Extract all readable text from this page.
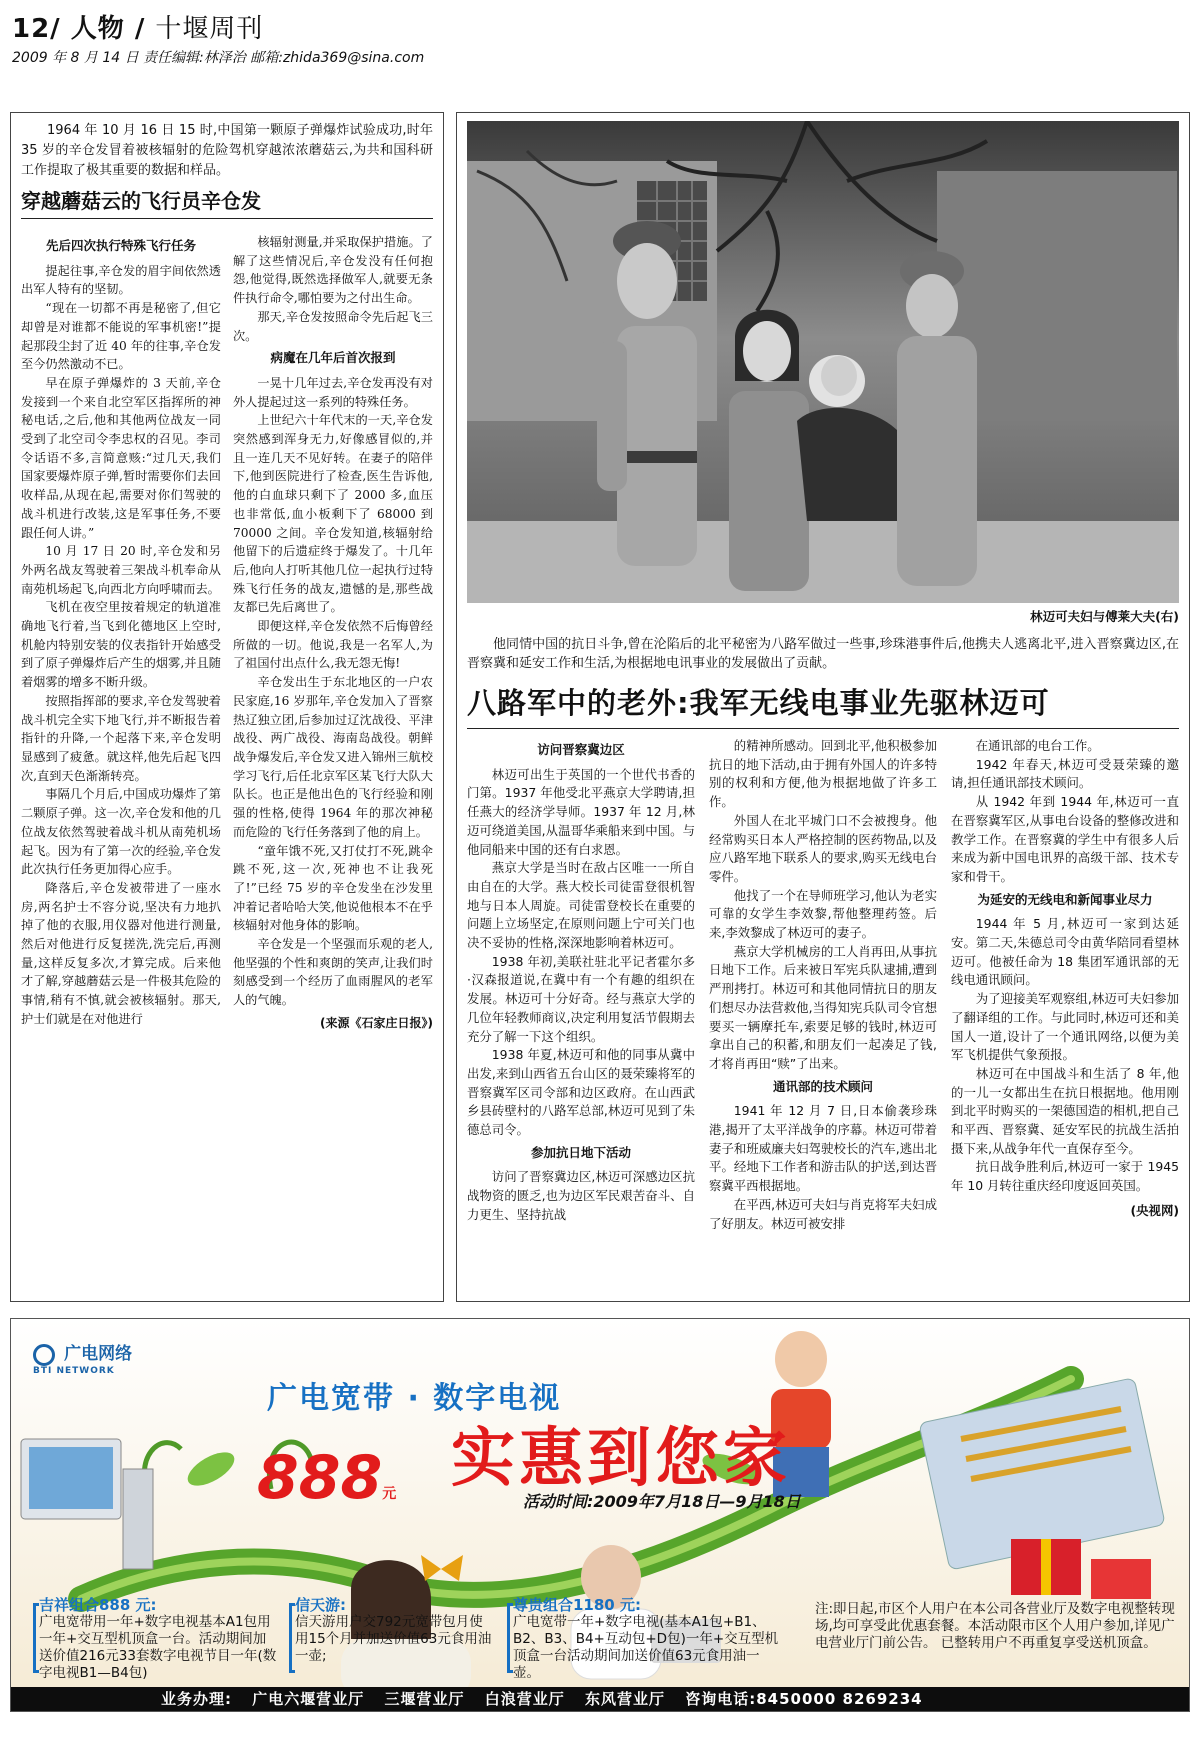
12/ 人物 / 十堰周刊
2009 年 8 月 14 日 责任编辑:林泽治 邮箱:zhida369@sina.com

1964 年 10 月 16 日 15 时,中国第一颗原子弹爆炸试验成功,时年 35 岁的辛仓发冒着被核辐射的危险驾机穿越浓浓蘑菇云,为共和国科研工作提取了极其重要的数据和样品。

穿越蘑菇云的飞行员辛仓发
先后四次执行特殊飞行任务

提起往事,辛仓发的眉宇间依然透出军人特有的坚韧。

“现在一切都不再是秘密了,但它却曾是对谁都不能说的军事机密!”提起那段尘封了近 40 年的往事,辛仓发至今仍然激动不已。

早在原子弹爆炸的 3 天前,辛仓发接到一个来自北空军区指挥所的神秘电话,之后,他和其他两位战友一同受到了北空司令李忠权的召见。李司令话语不多,言简意赅:“过几天,我们国家要爆炸原子弹,暂时需要你们去回收样品,从现在起,需要对你们驾驶的战斗机进行改装,这是军事任务,不要跟任何人讲。”

10 月 17 日 20 时,辛仓发和另外两名战友驾驶着三架战斗机奉命从南苑机场起飞,向西北方向呼啸而去。

飞机在夜空里按着规定的轨道准确地飞行着,当飞到化德地区上空时,机舱内特别安装的仪表指针开始感受到了原子弹爆炸后产生的烟雾,并且随着烟雾的增多不断升级。

按照指挥部的要求,辛仓发驾驶着战斗机完全实下地飞行,并不断报告着指针的升降,一个起落下来,辛仓发明显感到了疲惫。就这样,他先后起飞四次,直到天色渐渐转亮。

事隔几个月后,中国成功爆炸了第二颗原子弹。这一次,辛仓发和他的几位战友依然驾驶着战斗机从南苑机场起飞。因为有了第一次的经验,辛仓发此次执行任务更加得心应手。

降落后,辛仓发被带进了一座水房,两名护士不容分说,坚决有力地扒掉了他的衣服,用仪器对他进行测量,然后对他进行反复搓洗,洗完后,再测量,这样反复多次,才算完成。后来他才了解,穿越蘑菇云是一件极其危险的事情,稍有不慎,就会被核辐射。那天,护士们就是在对他进行

核辐射测量,并采取保护措施。了解了这些情况后,辛仓发没有任何抱怨,他觉得,既然选择做军人,就要无条件执行命令,哪怕要为之付出生命。

那天,辛仓发按照命令先后起飞三次。

病魔在几年后首次报到

一晃十几年过去,辛仓发再没有对外人提起过这一系列的特殊任务。

上世纪六十年代末的一天,辛仓发突然感到浑身无力,好像感冒似的,并且一连几天不见好转。在妻子的陪伴下,他到医院进行了检查,医生告诉他,他的白血球只剩下了 2000 多,血压也非常低,血小板剩下了 68000 到 70000 之间。辛仓发知道,核辐射给他留下的后遗症终于爆发了。十几年后,他向人打听其他几位一起执行过特殊飞行任务的战友,遗憾的是,那些战友都已先后离世了。

即便这样,辛仓发依然不后悔曾经所做的一切。他说,我是一名军人,为了祖国付出点什么,我无怨无悔!

辛仓发出生于东北地区的一户农民家庭,16 岁那年,辛仓发加入了晋察热辽独立团,后参加过辽沈战役、平津战役、两广战役、海南岛战役。朝鲜战争爆发后,辛仓发又进入锦州三航校学习飞行,后任北京军区某飞行大队大队长。也正是他出色的飞行经验和刚强的性格,使得 1964 年的那次神秘而危险的飞行任务落到了他的肩上。

“童年饿不死,又打仗打不死,跳伞跳不死,这一次,死神也不让我死了!”已经 75 岁的辛仓发坐在沙发里冲着记者哈哈大笑,他说他根本不在乎核辐射对他身体的影响。

辛仓发是一个坚强而乐观的老人,他坚强的个性和爽朗的笑声,让我们时刻感受到一个经历了血雨腥风的老军人的气魄。

(来源《石家庄日报》)

林迈可夫妇与傅莱大夫(右)

他同情中国的抗日斗争,曾在沦陷后的北平秘密为八路军做过一些事,珍珠港事件后,他携夫人逃离北平,进入晋察冀边区,在晋察冀和延安工作和生活,为根据地电讯事业的发展做出了贡献。

八路军中的老外:我军无线电事业先驱林迈可
访问晋察冀边区

林迈可出生于英国的一个世代书香的门第。1937 年他受北平燕京大学聘请,担任燕大的经济学导师。1937 年 12 月,林迈可绕道美国,从温哥华乘船来到中国。与他同船来中国的还有白求恩。

燕京大学是当时在敌占区唯一一所自由自在的大学。燕大校长司徒雷登很机智地与日本人周旋。司徒雷登校长在重要的问题上立场坚定,在原则问题上宁可关门也决不妥协的性格,深深地影响着林迈可。

1938 年初,美联社驻北平记者霍尔多·汉森报道说,在冀中有一个有趣的组织在发展。林迈可十分好奇。经与燕京大学的几位年轻教师商议,决定利用复活节假期去充分了解一下这个组织。

1938 年夏,林迈可和他的同事从冀中出发,来到山西省五台山区的聂荣臻将军的晋察冀军区司令部和边区政府。在山西武乡县砖壁村的八路军总部,林迈可见到了朱德总司令。

参加抗日地下活动

访问了晋察冀边区,林迈可深感边区抗战物资的匮乏,也为边区军民艰苦奋斗、自力更生、坚持抗战

的精神所感动。回到北平,他积极参加抗日的地下活动,由于拥有外国人的许多特别的权利和方便,他为根据地做了许多工作。

外国人在北平城门口不会被搜身。他经常购买日本人严格控制的医药物品,以及应八路军地下联系人的要求,购买无线电台零件。

他找了一个在导师班学习,他认为老实可靠的女学生李效黎,帮他整理药签。后来,李效黎成了林迈可的妻子。

燕京大学机械房的工人肖再田,从事抗日地下工作。后来被日军宪兵队逮捕,遭到严刑拷打。林迈可和其他同情抗日的朋友们想尽办法营救他,当得知宪兵队司令官想要买一辆摩托车,索要足够的钱时,林迈可拿出自己的积蓄,和朋友们一起凑足了钱,才将肖再田“赎”了出来。

通讯部的技术顾问

1941 年 12 月 7 日,日本偷袭珍珠港,揭开了太平洋战争的序幕。林迈可带着妻子和班威廉夫妇驾驶校长的汽车,逃出北平。经地下工作者和游击队的护送,到达晋察冀平西根据地。

在平西,林迈可夫妇与肖克将军夫妇成了好朋友。林迈可被安排

在通讯部的电台工作。

1942 年春天,林迈可受聂荣臻的邀请,担任通讯部技术顾问。

从 1942 年到 1944 年,林迈可一直在晋察冀军区,从事电台设备的整修改进和教学工作。在晋察冀的学生中有很多人后来成为新中国电讯界的高级干部、技术专家和骨干。

为延安的无线电和新闻事业尽力

1944 年 5 月,林迈可一家到达延安。第二天,朱德总司令由黄华陪同看望林迈可。他被任命为 18 集团军通讯部的无线电通讯顾问。

为了迎接美军观察组,林迈可夫妇参加了翻译组的工作。与此同时,林迈可还和美国人一道,设计了一个通讯网络,以便为美军飞机提供气象预报。

林迈可在中国战斗和生活了 8 年,他的一儿一女都出生在抗日根据地。他用刚到北平时购买的一架德国造的相机,把自己和平西、晋察冀、延安军民的抗战生活拍摄下来,从战争年代一直保存至今。

抗日战争胜利后,林迈可一家于 1945 年 10 月转往重庆经印度返回英国。

(央视网)

广电网络
BTI NETWORK
广电宽带 · 数字电视
实惠到您家
888元	活动时间:2009年7月18日—9月18日
吉祥组合888 元:
广电宽带用一年+数字电视基本A1包用一年+交互型机顶盒一台。活动期间加送价值216元33套数字电视节目一年(数字电视B1—B4包)
信天游:
信天游用户交792元宽带包月使用15个月并加送价值63元食用油一壶;
尊贵组合1180 元:
广电宽带一年+数字电视(基本A1包+B1、B2、B3、B4+互动包+D包)一年+交互型机顶盒一台活动期间加送价值63元食用油一壶。
注:即日起,市区个人用户在本公司各营业厅及数字电视整转现场,均可享受此优惠套餐。本活动限市区个人用户参加,详见广电营业厅门前公告。 已整转用户不再重复享受送机顶盒。
业务办理: 广电六堰营业厅 三堰营业厅 白浪营业厅 东风营业厅 咨询电话:8450000 8269234
